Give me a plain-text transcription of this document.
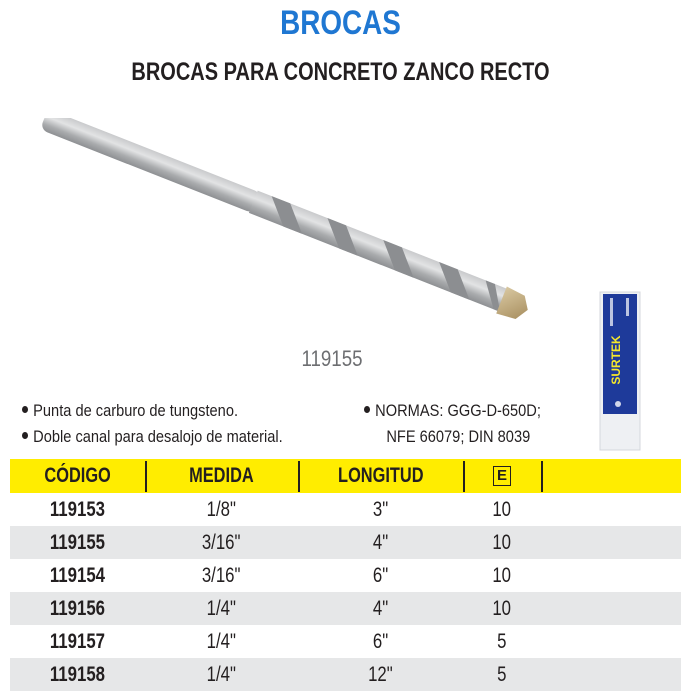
BROCAS
BROCAS PARA CONCRETO ZANCO RECTO
119155	SURTEK
Punta de carburo de tungsteno.
Doble canal para desalojo de material.
NORMAS: GGG-D-650D;
NFE 66079; DIN 8039
CÓDIGO	MEDIDA	LONGITUD	E
119153	1/8"	3"	10
119155	3/16"	4"	10
119154	3/16"	6"	10
119156	1/4"	4"	10
119157	1/4"	6"	5
119158	1/4"	12"	5
